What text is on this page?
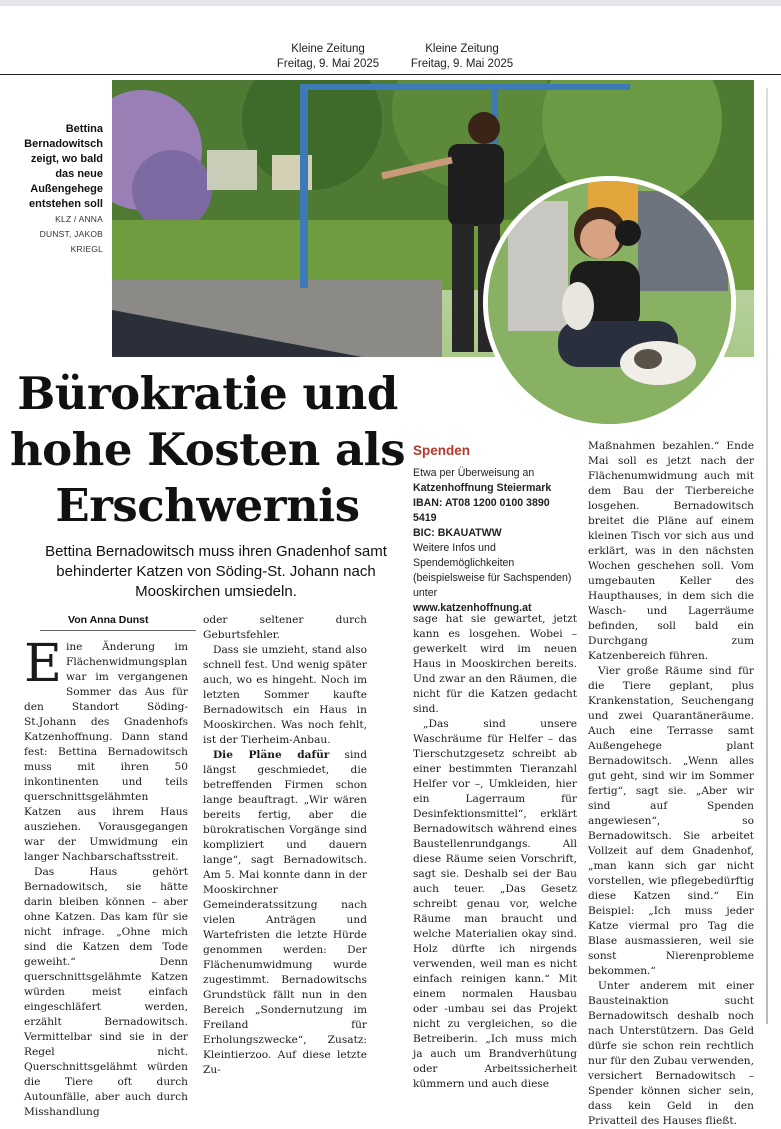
Kleine Zeitung
Freitag, 9. Mai 2025
Kleine Zeitung
Freitag, 9. Mai 2025
Bettina Bernadowitsch zeigt, wo bald das neue Außengehege entstehen soll KLZ / ANNA DUNST, JAKOB KRIEGL
Bürokratie und hohe Kosten als Erschwernis
Bettina Bernadowitsch muss ihren Gnadenhof samt behinderter Katzen von Söding-St. Johann nach Mooskirchen umsiedeln.
Von Anna Dunst

Eine Änderung im Flächenwidmungsplan war im vergangenen Sommer das Aus für den Standort Söding-St.Johann des Gnadenhofs Katzenhoffnung. Dann stand fest: Bettina Bernadowitsch muss mit ihren 50 inkontinenten und teils querschnittsgelähmten Katzen aus ihrem Haus ausziehen. Vorausgegangen war der Umwidmung ein langer Nachbarschaftsstreit.

Das Haus gehört Bernadowitsch, sie hätte darin bleiben können – aber ohne Katzen. Das kam für sie nicht infrage. „Ohne mich sind die Katzen dem Tode geweiht.“ Denn querschnittsgelähmte Katzen würden meist einfach eingeschläfert werden, erzählt Bernadowitsch. Vermittelbar sind sie in der Regel nicht. Querschnittsgelähmt würden die Tiere oft durch Autounfälle, aber auch durch Misshandlung

oder seltener durch Geburtsfehler.

Dass sie umzieht, stand also schnell fest. Und wenig später auch, wo es hingeht. Noch im letzten Sommer kaufte Bernadowitsch ein Haus in Mooskirchen. Was noch fehlt, ist der Tierheim-Anbau.

Die Pläne dafür sind längst geschmiedet, die betreffenden Firmen schon lange beauftragt. „Wir wären bereits fertig, aber die bürokratischen Vorgänge sind kompliziert und dauern lange“, sagt Bernadowitsch. Am 5. Mai konnte dann in der Mooskirchner Gemeinderatssitzung nach vielen Anträgen und Wartefristen die letzte Hürde genommen werden: Der Flächenumwidmung wurde zugestimmt. Bernadowitschs Grundstück fällt nun in den Bereich „Sondernutzung im Freiland für Erholungszwecke“, Zusatz: Kleintierzoo. Auf diese letzte Zu-

Spenden
Etwa per Überweisung an
Katzenhoffnung Steiermark
IBAN: AT08 1200 0100 3890 5419
BIC: BKAUATWW
Weitere Infos und Spendemöglichkeiten (beispielsweise für Sachspenden) unter
www.katzenhoffnung.at

sage hat sie gewartet, jetzt kann es losgehen. Wobei – gewerkelt wird im neuen Haus in Mooskirchen bereits. Und zwar an den Räumen, die nicht für die Katzen gedacht sind.

„Das sind unsere Waschräume für Helfer – das Tierschutzgesetz schreibt ab einer bestimmten Tieranzahl Helfer vor –, Umkleiden, hier ein Lagerraum für Desinfektionsmittel“, erklärt Bernadowitsch während eines Baustellenrundgangs. All diese Räume seien Vorschrift, sagt sie. Deshalb sei der Bau auch teuer. „Das Gesetz schreibt genau vor, welche Räume man braucht und welche Materialien okay sind. Holz dürfte ich nirgends verwenden, weil man es nicht einfach reinigen kann.“ Mit einem normalen Hausbau oder -umbau sei das Projekt nicht zu vergleichen, so die Betreiberin. „Ich muss mich ja auch um Brandverhütung oder Arbeitssicherheit kümmern und auch diese

Maßnahmen bezahlen.“ Ende Mai soll es jetzt nach der Flächenumwidmung auch mit dem Bau der Tierbereiche losgehen. Bernadowitsch breitet die Pläne auf einem kleinen Tisch vor sich aus und erklärt, was in den nächsten Wochen geschehen soll. Vom umgebauten Keller des Haupthauses, in dem sich die Wasch- und Lagerräume befinden, soll bald ein Durchgang zum Katzenbereich führen.

Vier große Räume sind für die Tiere geplant, plus Krankenstation, Seuchengang und zwei Quarantäneräume. Auch eine Terrasse samt Außengehege plant Bernadowitsch. „Wenn alles gut geht, sind wir im Sommer fertig“, sagt sie. „Aber wir sind auf Spenden angewiesen“, so Bernadowitsch. Sie arbeitet Vollzeit auf dem Gnadenhof, „man kann sich gar nicht vorstellen, wie pflegebedürftig diese Katzen sind.“ Ein Beispiel: „Ich muss jeder Katze viermal pro Tag die Blase ausmassieren, weil sie sonst Nierenprobleme bekommen.“

Unter anderem mit einer Bausteinaktion sucht Bernadowitsch deshalb noch nach Unterstützern. Das Geld dürfe sie schon rein rechtlich nur für den Zubau verwenden, versichert Bernadowitsch – Spender können sicher sein, dass kein Geld in den Privatteil des Hauses fließt.
